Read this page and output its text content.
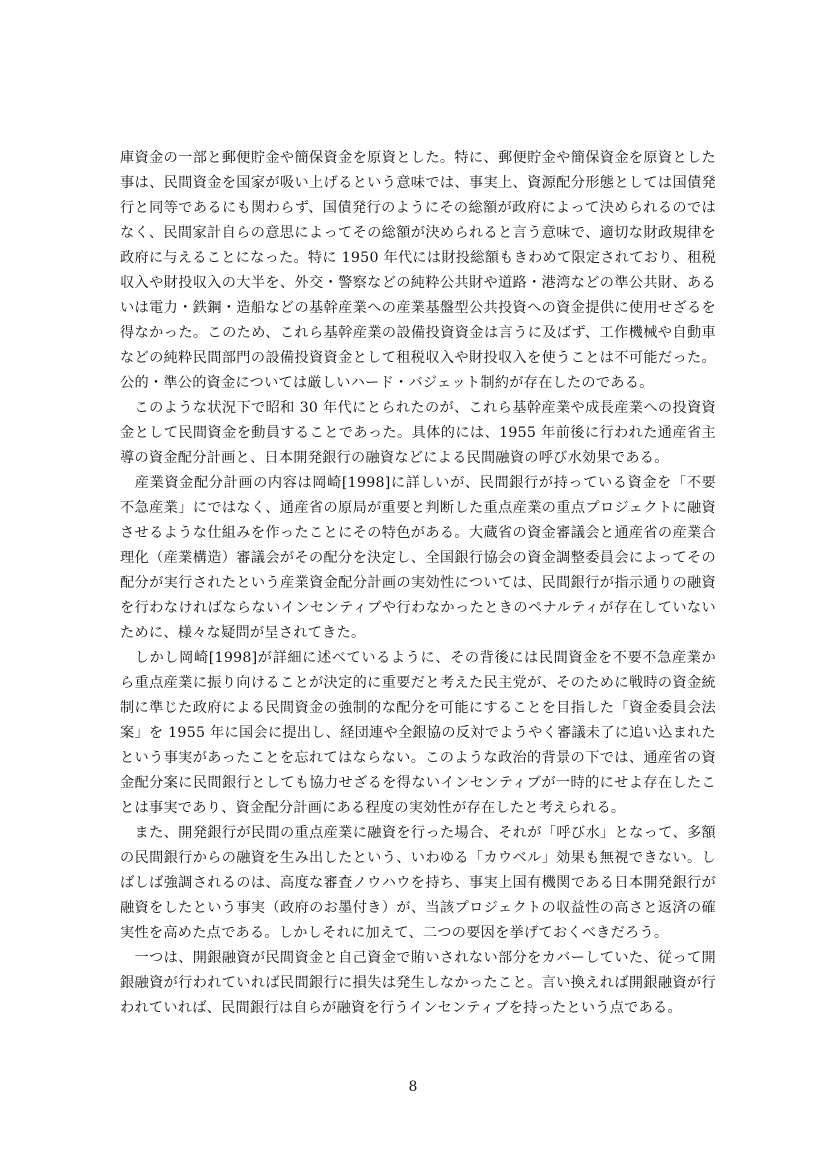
庫資金の一部と郵便貯金や簡保資金を原資とした。特に、郵便貯金や簡保資金を原資とした事は、民間資金を国家が吸い上げるという意味では、事実上、資源配分形態としては国債発行と同等であるにも関わらず、国債発行のようにその総額が政府によって決められるのではなく、民間家計自らの意思によってその総額が決められると言う意味で、適切な財政規律を政府に与えることになった。特に 1950 年代には財投総額もきわめて限定されており、租税収入や財投収入の大半を、外交・警察などの純粋公共財や道路・港湾などの準公共財、あるいは電力・鉄鋼・造船などの基幹産業への産業基盤型公共投資への資金提供に使用せざるを得なかった。このため、これら基幹産業の設備投資資金は言うに及ばず、工作機械や自動車などの純粋民間部門の設備投資資金として租税収入や財投収入を使うことは不可能だった。公的・準公的資金については厳しいハード・バジェット制約が存在したのである。

　このような状況下で昭和 30 年代にとられたのが、これら基幹産業や成長産業への投資資金として民間資金を動員することであった。具体的には、1955 年前後に行われた通産省主導の資金配分計画と、日本開発銀行の融資などによる民間融資の呼び水効果である。

　産業資金配分計画の内容は岡崎[1998]に詳しいが、民間銀行が持っている資金を「不要不急産業」にではなく、通産省の原局が重要と判断した重点産業の重点プロジェクトに融資させるような仕組みを作ったことにその特色がある。大蔵省の資金審議会と通産省の産業合理化（産業構造）審議会がその配分を決定し、全国銀行協会の資金調整委員会によってその配分が実行されたという産業資金配分計画の実効性については、民間銀行が指示通りの融資を行わなければならないインセンティブや行わなかったときのペナルティが存在していないために、様々な疑問が呈されてきた。

　しかし岡崎[1998]が詳細に述べているように、その背後には民間資金を不要不急産業から重点産業に振り向けることが決定的に重要だと考えた民主党が、そのために戦時の資金統制に準じた政府による民間資金の強制的な配分を可能にすることを目指した「資金委員会法案」を 1955 年に国会に提出し、経団連や全銀協の反対でようやく審議未了に追い込まれたという事実があったことを忘れてはならない。このような政治的背景の下では、通産省の資金配分案に民間銀行としても協力せざるを得ないインセンティブが一時的にせよ存在したことは事実であり、資金配分計画にある程度の実効性が存在したと考えられる。

　また、開発銀行が民間の重点産業に融資を行った場合、それが「呼び水」となって、多額の民間銀行からの融資を生み出したという、いわゆる「カウベル」効果も無視できない。しばしば強調されるのは、高度な審査ノウハウを持ち、事実上国有機関である日本開発銀行が融資をしたという事実（政府のお墨付き）が、当該プロジェクトの収益性の高さと返済の確実性を高めた点である。しかしそれに加えて、二つの要因を挙げておくべきだろう。

　一つは、開銀融資が民間資金と自己資金で賄いされない部分をカバーしていた、従って開銀融資が行われていれば民間銀行に損失は発生しなかったこと。言い換えれば開銀融資が行われていれば、民間銀行は自らが融資を行うインセンティブを持ったという点である。

8
